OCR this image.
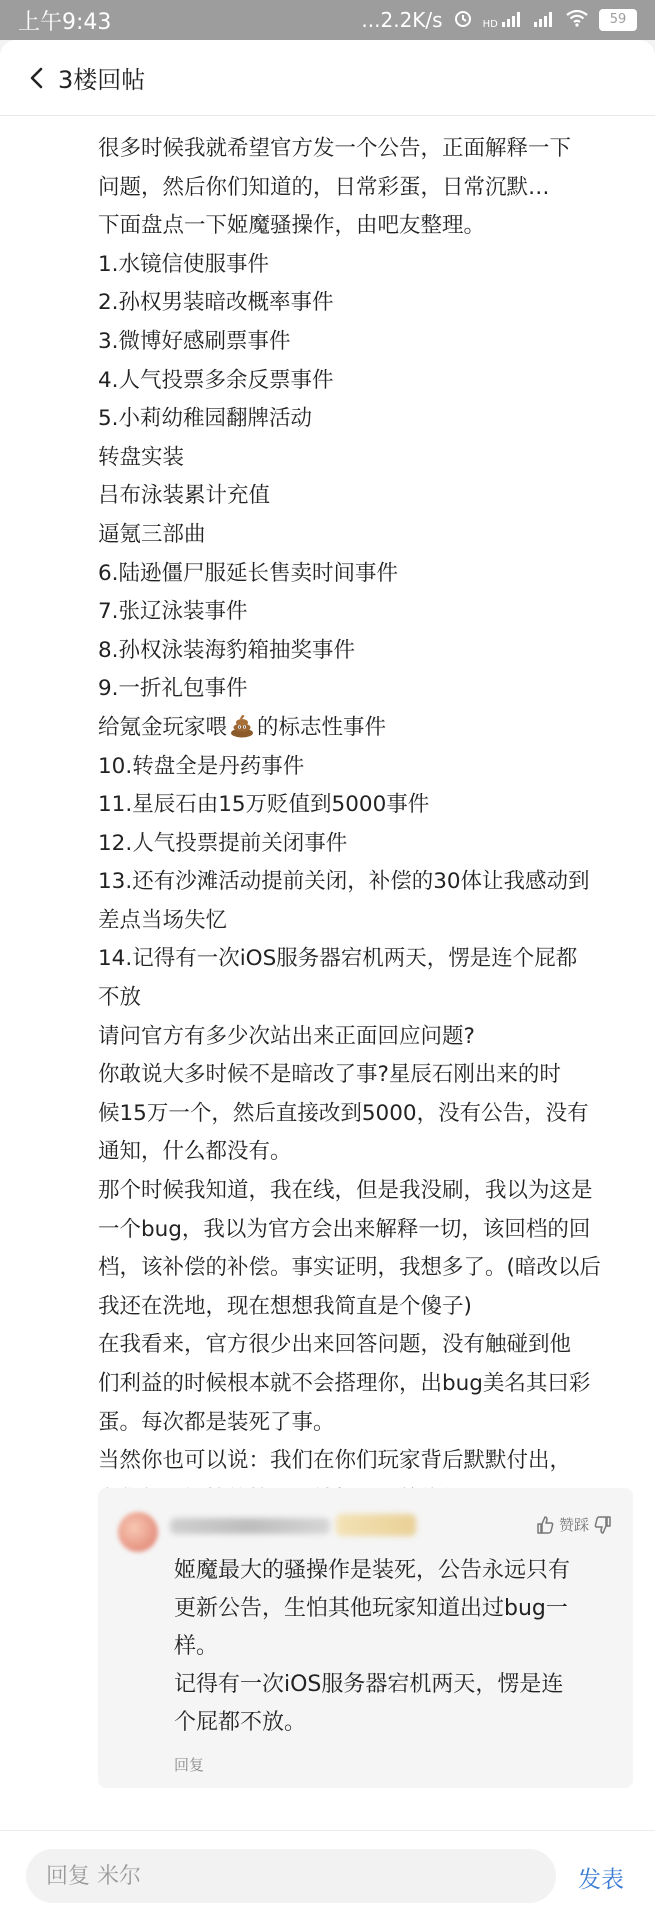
上午9:43	...2.2K/s	HD	59
3楼回帖
很多时候我就希望官方发一个公告，正面解释一下
问题，然后你们知道的，日常彩蛋，日常沉默…
下面盘点一下姬魔骚操作，由吧友整理。
1.水镜信使服事件
2.孙权男装暗改概率事件
3.微博好感刷票事件
4.人气投票多余反票事件
5.小莉幼稚园翻牌活动
转盘实装
吕布泳装累计充值
逼氪三部曲
6.陆逊僵尸服延长售卖时间事件
7.张辽泳装事件
8.孙权泳装海豹箱抽奖事件
9.一折礼包事件
给氪金玩家喂 的标志性事件
10.转盘全是丹药事件
11.星辰石由15万贬值到5000事件
12.人气投票提前关闭事件
13.还有沙滩活动提前关闭，补偿的30体让我感动到
差点当场失忆
14.记得有一次iOS服务器宕机两天，愣是连个屁都
不放
请问官方有多少次站出来正面回应问题?
你敢说大多时候不是暗改了事?星辰石刚出来的时
候15万一个，然后直接改到5000，没有公告，没有
通知，什么都没有。
那个时候我知道，我在线，但是我没刷，我以为这是
一个bug，我以为官方会出来解释一切，该回档的回
档，该补偿的补偿。事实证明，我想多了。(暗改以后
我还在洗地，现在想想我简直是个傻子)
在我看来，官方很少出来回答问题，没有触碰到他
们利益的时候根本就不会搭理你，出bug美名其曰彩
蛋。每次都是装死了事。
当然你也可以说：我们在你们玩家背后默默付出，
赞踩
姬魔最大的骚操作是装死，公告永远只有
更新公告，生怕其他玩家知道出过bug一
样。
记得有一次iOS服务器宕机两天，愣是连
个屁都不放。
回复
回复 米尔
发表
